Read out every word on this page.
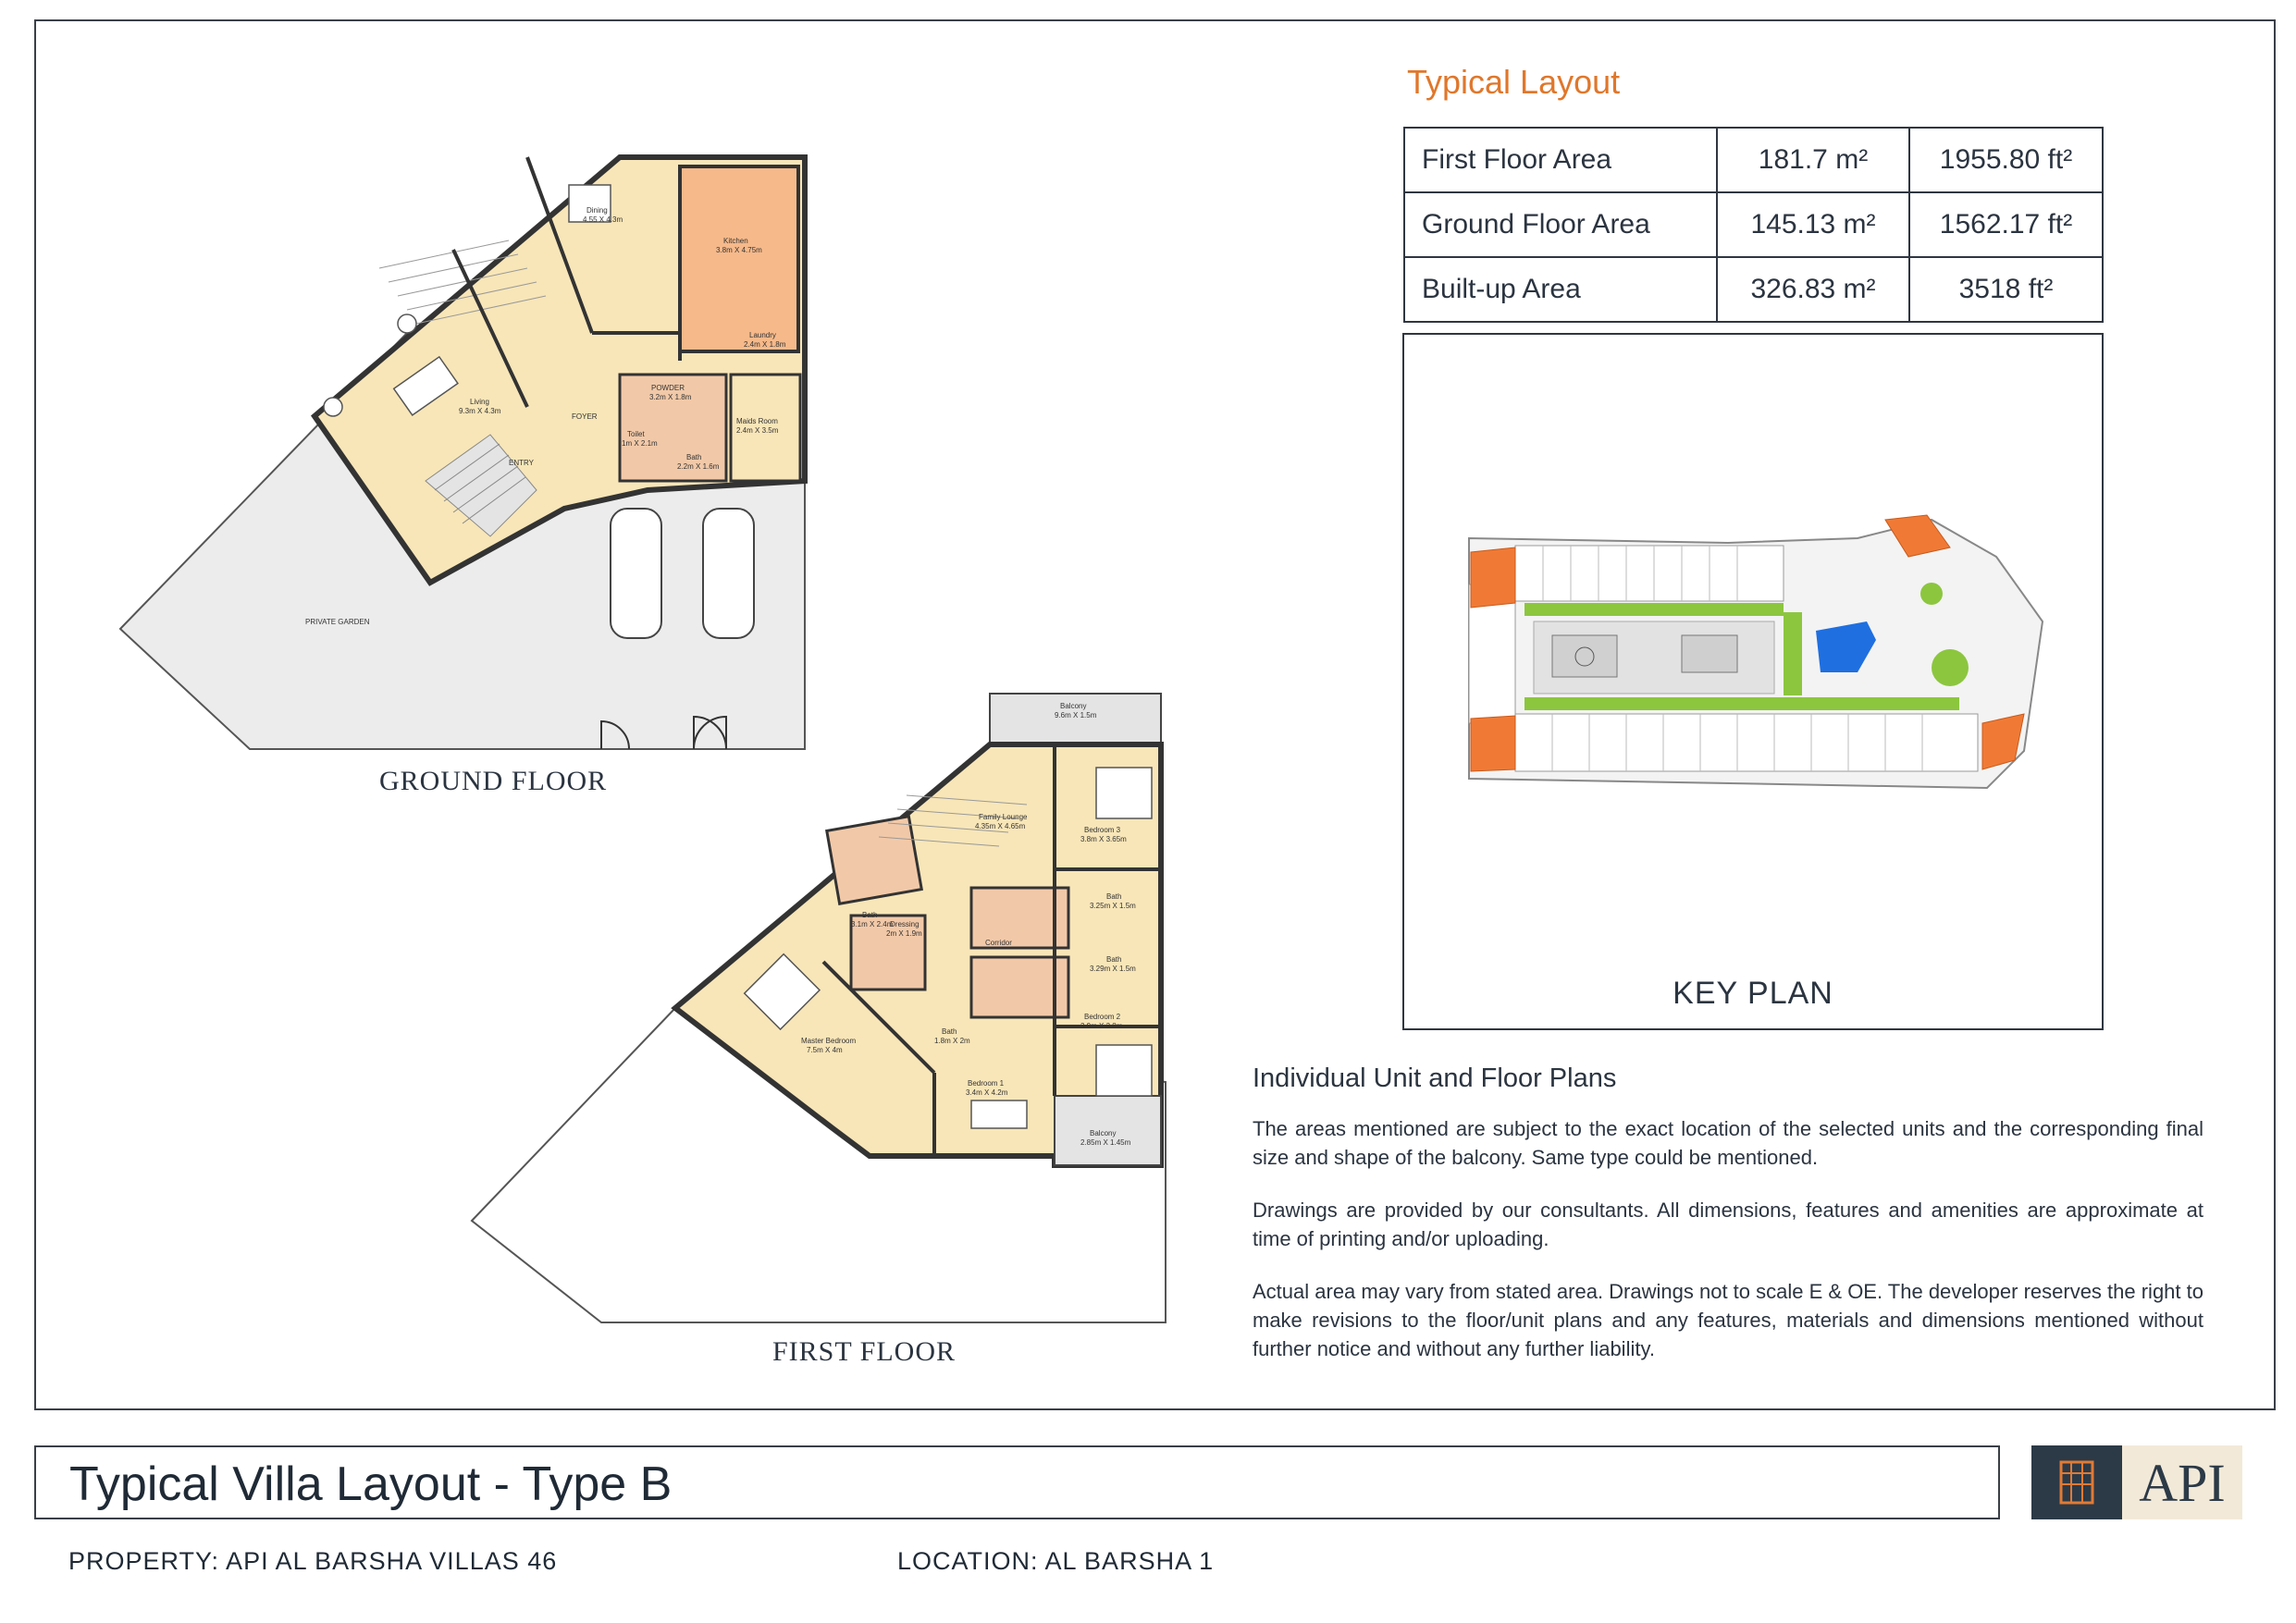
Dining
4.55 X 4.3m
Kitchen
3.8m X 4.75m
Laundry
2.4m X 1.8m
Living
9.3m X 4.3m
FOYER
POWDER
3.2m X 1.8m
Toilet
1m X 2.1m
Maids Room
2.4m X 3.5m
Bath
2.2m X 1.6m
ENTRY
PRIVATE GARDEN
Balcony
9.6m X 1.5m
Family Lounge
4.35m X 4.65m	Bedroom 3
3.8m X 3.65m
Bath
3.1m X 2.4m
Dressing
2m X 1.9m
Bath
3.25m X 1.5m
Corridor
Bath
3.29m X 1.5m
Bedroom 2
3.9m X 3.8m
Master Bedroom
7.5m X 4m
Bath
1.8m X 2m
Bedroom 1
3.4m X 4.2m
Balcony
2.85m X 1.45m
GROUND FLOOR
FIRST FLOOR
Typical Layout
First Floor Area	181.7 m²	1955.80 ft²
Ground Floor Area	145.13 m²	1562.17 ft²
Built-up Area	326.83 m²	3518 ft²
KEY PLAN
Individual Unit and Floor Plans

The areas mentioned are subject to the exact location of the selected units and the corresponding final size and shape of the balcony. Same type could be mentioned.

Drawings are provided by our consultants. All dimensions, features and amenities are approximate at time of printing and/or uploading.

Actual area may vary from stated area. Drawings not to scale E & OE. The developer reserves the right to make revisions to the floor/unit plans and any features, materials and dimensions mentioned without further notice and without any further liability.

Typical Villa Layout - Type B	API
PROPERTY: API AL BARSHA VILLAS 46	LOCATION: AL BARSHA 1
